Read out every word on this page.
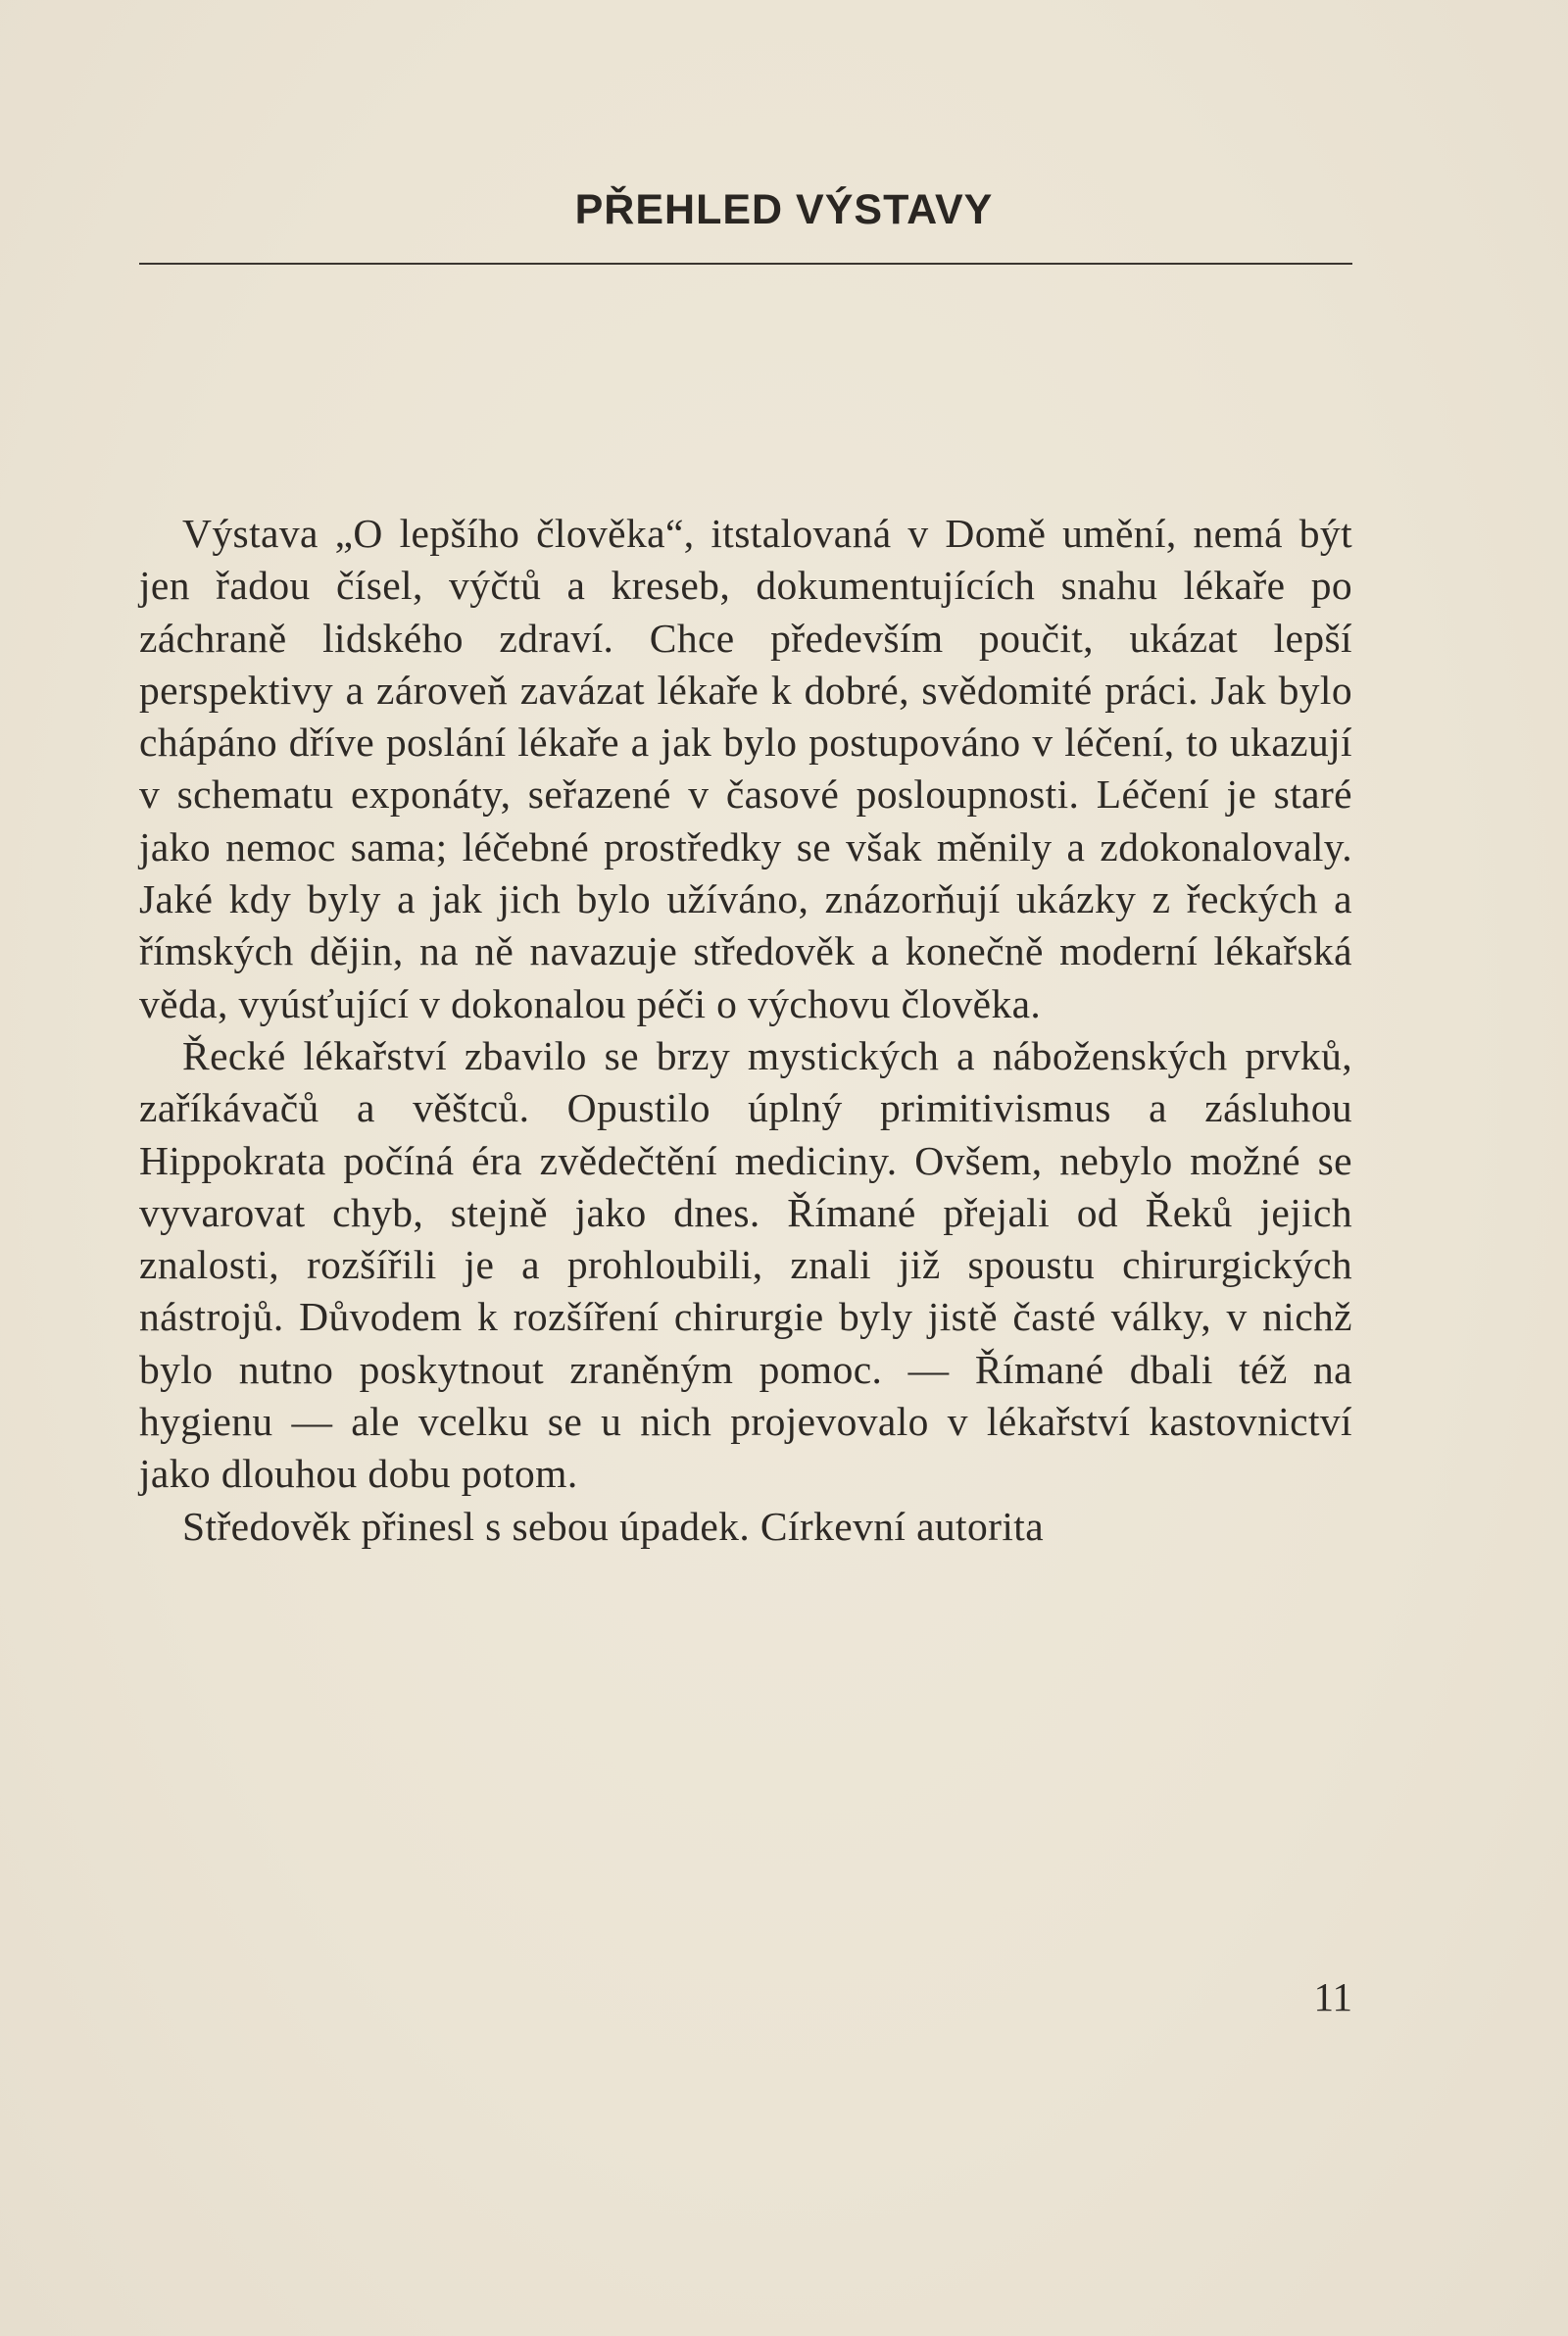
PŘEHLED VÝSTAVY

Výstava „O lepšího člověka“, itstalovaná v Domě umění, nemá být jen řadou čísel, výčtů a kreseb, dokumentujících snahu lékaře po záchraně lidského zdraví. Chce především poučit, ukázat lepší perspektivy a zároveň zavázat lékaře k dobré, svědomité práci. Jak bylo chápáno dříve poslání lékaře a jak bylo postupováno v léčení, to ukazují v schematu exponáty, seřazené v časové posloupnosti. Léčení je staré jako nemoc sama; léčebné prostředky se však měnily a zdokonalovaly. Jaké kdy byly a jak jich bylo užíváno, znázorňují ukázky z řeckých a římských dějin, na ně navazuje středověk a konečně moderní lékařská věda, vyúsťující v dokonalou péči o výchovu člověka.

Řecké lékařství zbavilo se brzy mystických a náboženských prvků, zaříkávačů a věštců. Opustilo úplný primitivismus a zásluhou Hippokrata počíná éra zvědečtění mediciny. Ovšem, nebylo možné se vyvarovat chyb, stejně jako dnes. Římané přejali od Řeků jejich znalosti, rozšířili je a prohloubili, znali již spoustu chirurgických nástrojů. Důvodem k rozšíření chirurgie byly jistě časté války, v nichž bylo nutno poskytnout zraněným pomoc. — Římané dbali též na hygienu — ale vcelku se u nich projevovalo v lékařství kastovnictví jako dlouhou dobu potom.

Středověk přinesl s sebou úpadek. Církevní autorita

11
